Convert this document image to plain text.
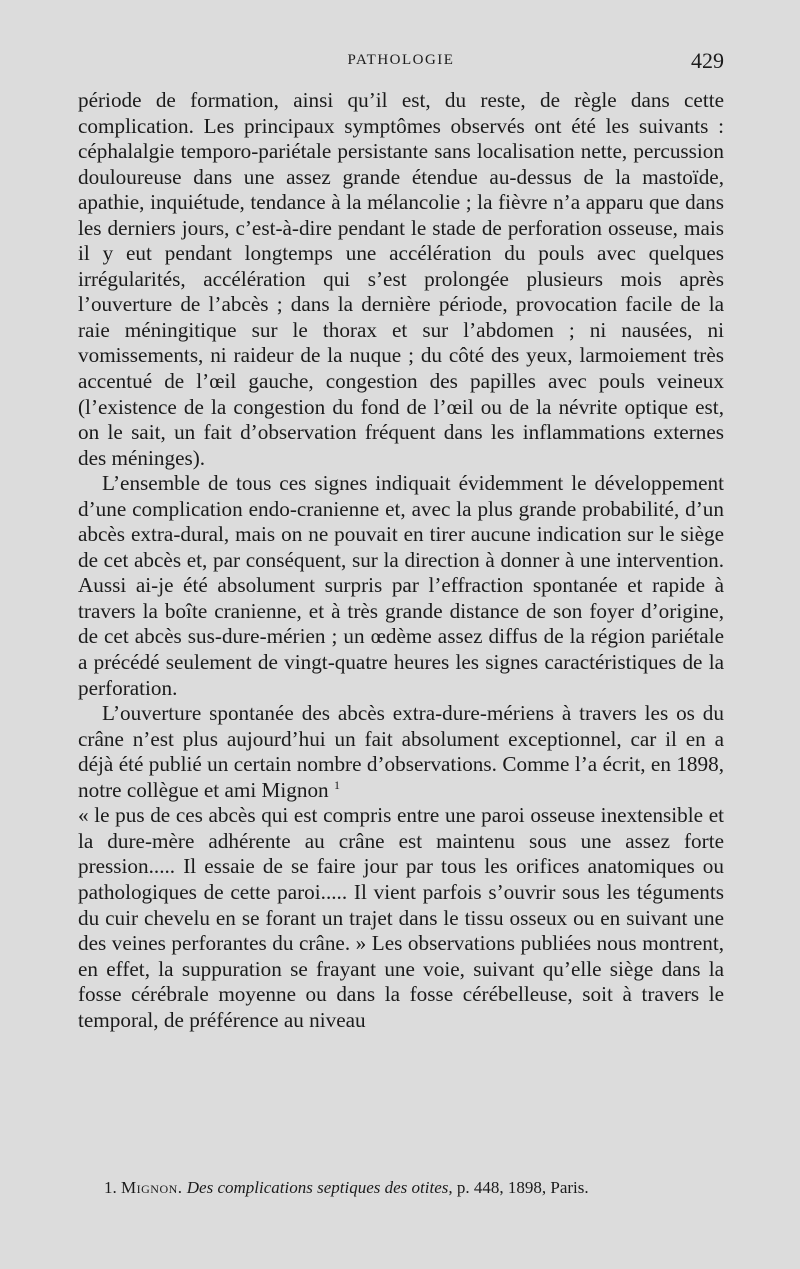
PATHOLOGIE	429

période de formation, ainsi qu’il est, du reste, de règle dans cette complication. Les principaux symptômes observés ont été les suivants : céphalalgie temporo-pariétale persistante sans localisation nette, percussion douloureuse dans une assez grande étendue au-dessus de la mastoïde, apathie, inquiétude, tendance à la mélancolie ; la fièvre n’a apparu que dans les derniers jours, c’est-à-dire pendant le stade de perforation osseuse, mais il y eut pendant longtemps une accélération du pouls avec quelques irrégularités, accélération qui s’est prolongée plusieurs mois après l’ouverture de l’abcès ; dans la dernière période, provocation facile de la raie méningitique sur le thorax et sur l’abdomen ; ni nausées, ni vomissements, ni raideur de la nuque ; du côté des yeux, larmoiement très accentué de l’œil gauche, congestion des papilles avec pouls veineux (l’existence de la congestion du fond de l’œil ou de la névrite optique est, on le sait, un fait d’observation fréquent dans les inflammations externes des méninges).

L’ensemble de tous ces signes indiquait évidemment le développement d’une complication endo-cranienne et, avec la plus grande probabilité, d’un abcès extra-dural, mais on ne pouvait en tirer aucune indication sur le siège de cet abcès et, par conséquent, sur la direction à donner à une intervention. Aussi ai-je été absolument surpris par l’effraction spontanée et rapide à travers la boîte cranienne, et à très grande distance de son foyer d’origine, de cet abcès sus-dure-mérien ; un œdème assez diffus de la région pariétale a précédé seulement de vingt-quatre heures les signes caractéristiques de la perforation.

L’ouverture spontanée des abcès extra-dure-mériens à travers les os du crâne n’est plus aujourd’hui un fait absolument exceptionnel, car il en a déjà été publié un certain nombre d’observations. Comme l’a écrit, en 1898, notre collègue et ami Mignon $^1$

« le pus de ces abcès qui est compris entre une paroi osseuse inextensible et la dure-mère adhérente au crâne est maintenu sous une assez forte pression..... Il essaie de se faire jour par tous les orifices anatomiques ou pathologiques de cette paroi..... Il vient parfois s’ouvrir sous les téguments du cuir chevelu en se forant un trajet dans le tissu osseux ou en suivant une des veines perforantes du crâne. » Les observations publiées nous montrent, en effet, la suppuration se frayant une voie, suivant qu’elle siège dans la fosse cérébrale moyenne ou dans la fosse cérébelleuse, soit à travers le temporal, de préférence au niveau

1. Mignon. Des complications septiques des otites, p. 448, 1898, Paris.
